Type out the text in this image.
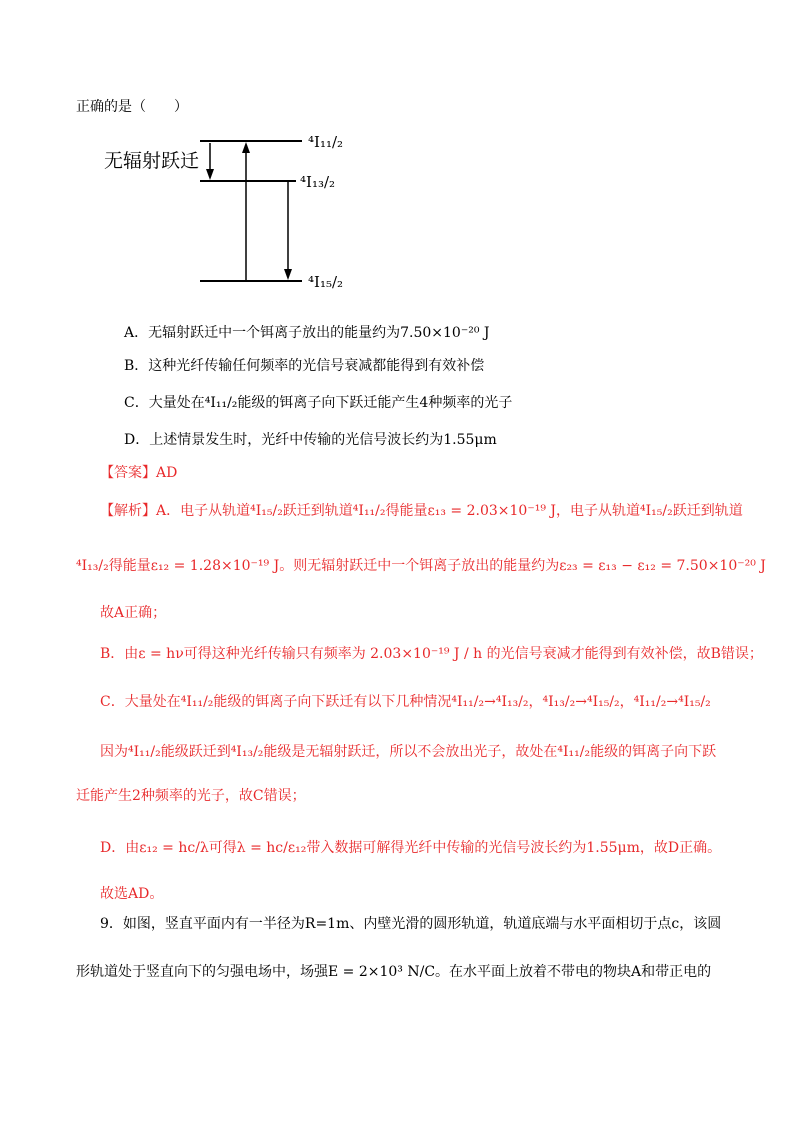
正确的是（　　）
无辐射跃迁
⁴I₁₁/₂
⁴I₁₃/₂
⁴I₁₅/₂
A．无辐射跃迁中一个铒离子放出的能量约为7.50×10⁻²⁰ J
B．这种光纤传输任何频率的光信号衰减都能得到有效补偿
C．大量处在⁴I₁₁/₂能级的铒离子向下跃迁能产生4种频率的光子
D．上述情景发生时，光纤中传输的光信号波长约为1.55μm
【答案】AD
【解析】A．电子从轨道⁴I₁₅/₂跃迁到轨道⁴I₁₁/₂得能量ε₁₃ = 2.03×10⁻¹⁹ J，电子从轨道⁴I₁₅/₂跃迁到轨道
⁴I₁₃/₂得能量ε₁₂ = 1.28×10⁻¹⁹ J。则无辐射跃迁中一个铒离子放出的能量约为ε₂₃ = ε₁₃ − ε₁₂ = 7.50×10⁻²⁰ J
故A正确；
B．由ε = hν可得这种光纤传输只有频率为 2.03×10⁻¹⁹ J / h 的光信号衰减才能得到有效补偿，故B错误；
C．大量处在⁴I₁₁/₂能级的铒离子向下跃迁有以下几种情况⁴I₁₁/₂→⁴I₁₃/₂，⁴I₁₃/₂→⁴I₁₅/₂，⁴I₁₁/₂→⁴I₁₅/₂
因为⁴I₁₁/₂能级跃迁到⁴I₁₃/₂能级是无辐射跃迁，所以不会放出光子，故处在⁴I₁₁/₂能级的铒离子向下跃
迁能产生2种频率的光子，故C错误；
D．由ε₁₂ = hc/λ可得λ = hc/ε₁₂带入数据可解得光纤中传输的光信号波长约为1.55μm，故D正确。
故选AD。
9．如图，竖直平面内有一半径为R=1m、内壁光滑的圆形轨道，轨道底端与水平面相切于点c，该圆
形轨道处于竖直向下的匀强电场中，场强E = 2×10³ N/C。在水平面上放着不带电的物块A和带正电的
